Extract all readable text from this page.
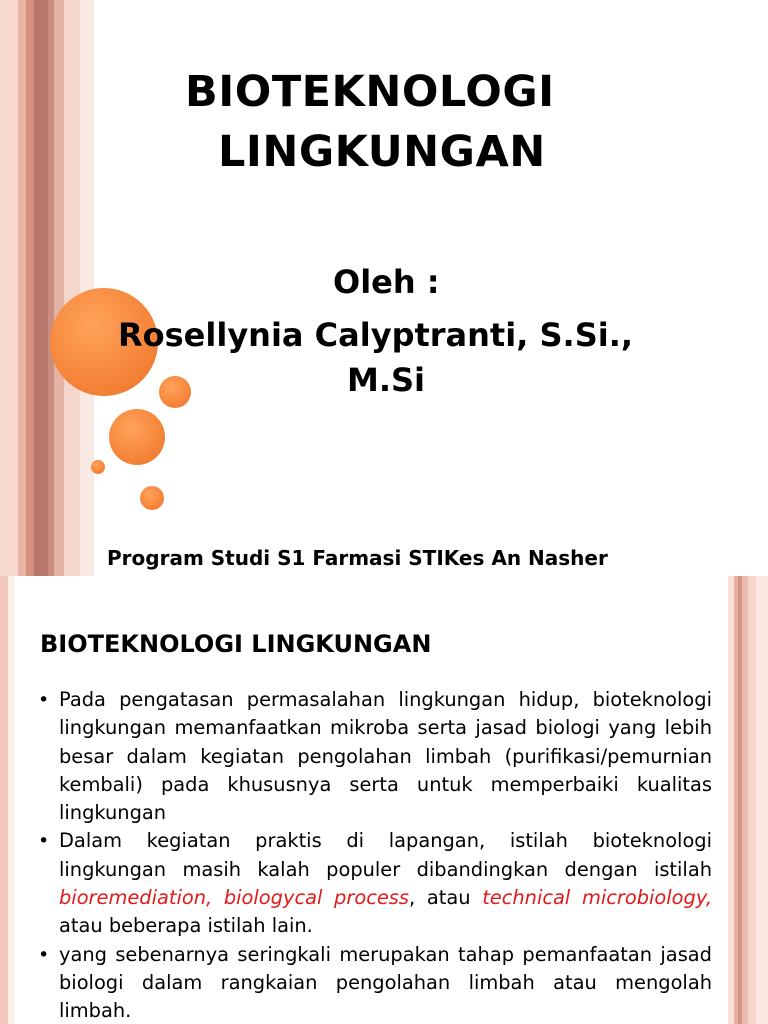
BIOTEKNOLOGI
LINGKUNGAN
Oleh :
Rosellynia Calyptranti, S.Si.,
M.Si
Program Studi S1 Farmasi STIKes An Nasher
BIOTEKNOLOGI LINGKUNGAN
• Pada pengatasan permasalahan lingkungan hidup, bioteknologi lingkungan memanfaatkan mikroba serta jasad biologi yang lebih besar dalam kegiatan pengolahan limbah (purifikasi/pemurnian kembali) pada khususnya serta untuk memperbaiki kualitas lingkungan
• Dalam kegiatan praktis di lapangan, istilah bioteknologi lingkungan masih kalah populer dibandingkan dengan istilah bioremediation, biologycal process, atau technical microbiology, atau beberapa istilah lain.
• yang sebenarnya seringkali merupakan tahap pemanfaatan jasad biologi dalam rangkaian pengolahan limbah atau mengolah limbah.
